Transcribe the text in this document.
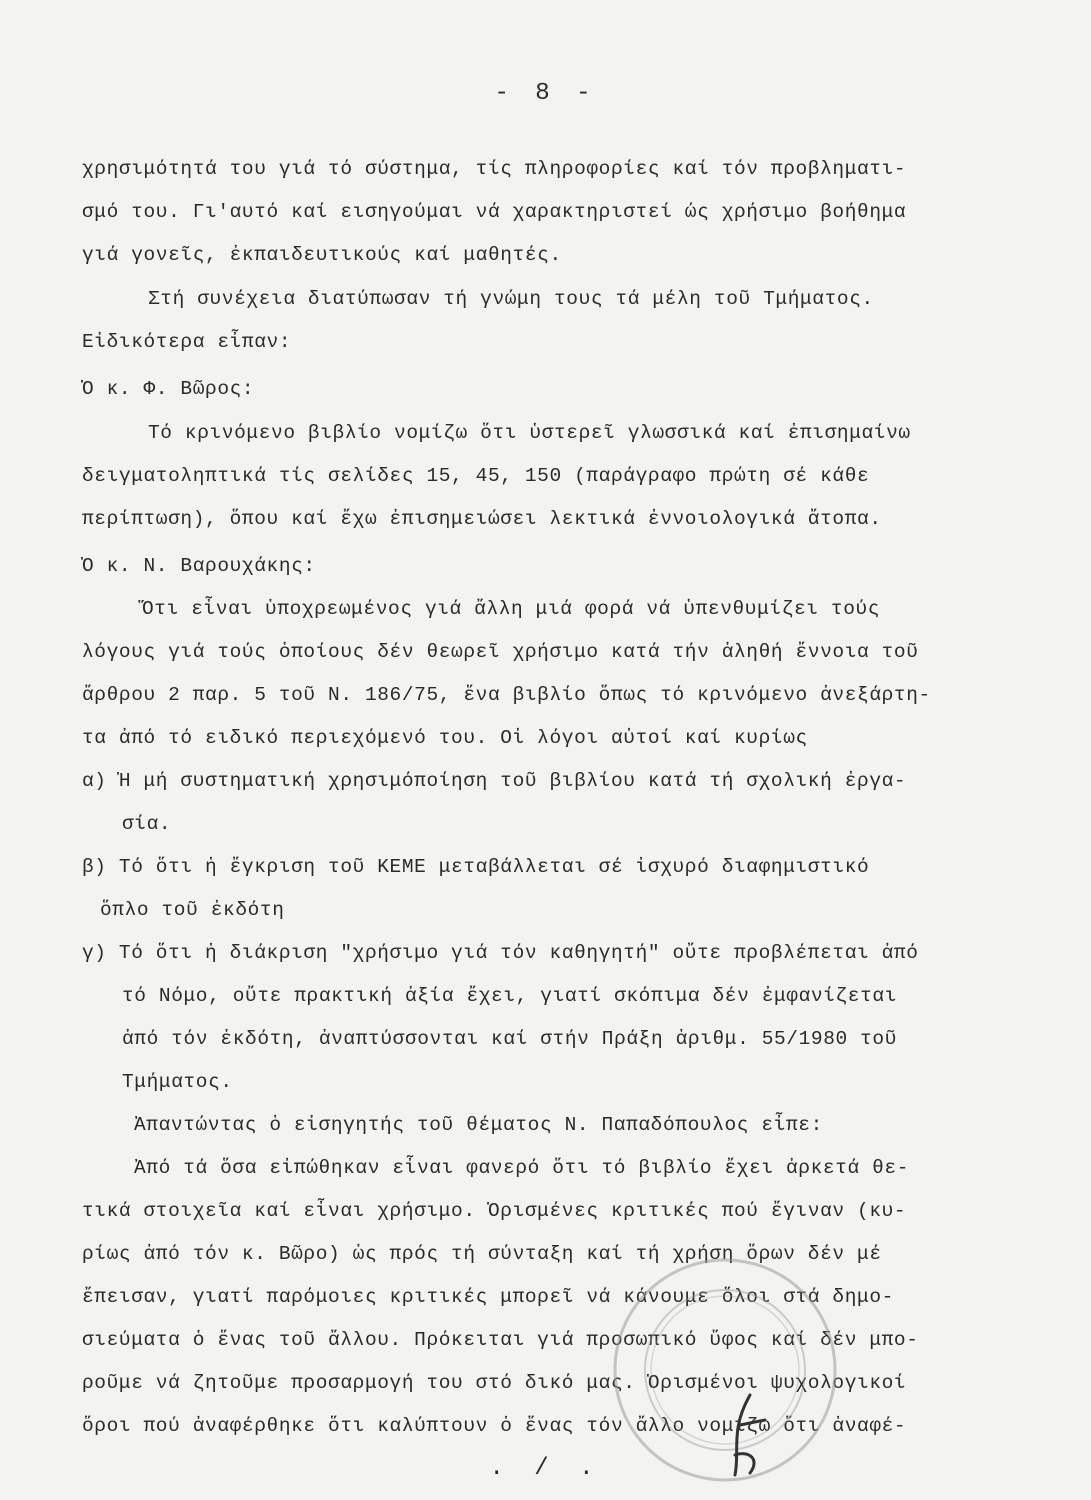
- 8 -
χρησιμότητά του γιά τό σύστημα, τίς πληροφορίες καί τόν προβληματι-
σμό του. Γι'αυτό καί εισηγούμαι νά χαρακτηριστεί ώς χρήσιμο βοήθημα
γιά γονεῖς, ἐκπαιδευτικούς καί μαθητές.
Στή συνέχεια διατύπωσαν τή γνώμη τους τά μέλη τοῦ Τμήματος.
Εἰδικότερα εἶπαν:
Ὁ κ. Φ. Βῶρος:
Τό κρινόμενο βιβλίο νομίζω ὅτι ὑστερεῖ γλωσσικά καί ἐπισημαίνω
δειγματοληπτικά τίς σελίδες 15, 45, 150 (παράγραφο πρώτη σέ κάθε
περίπτωση), ὅπου καί ἔχω ἐπισημειώσει λεκτικά ἐννοιολογικά ἄτοπα.
Ὁ κ. Ν. Βαρουχάκης:
Ὅτι εἶναι ὑποχρεωμένος γιά ἄλλη μιά φορά νά ὑπενθυμίζει τούς
λόγους γιά τούς ὁποίους δέν θεωρεῖ χρήσιμο κατά τήν ἀληθή ἔννοια τοῦ
ἄρθρου 2 παρ. 5 τοῦ Ν. 186/75, ἕνα βιβλίο ὅπως τό κρινόμενο ἀνεξάρτη-
τα ἀπό τό ειδικό περιεχόμενό του. Οἱ λόγοι αὐτοί καί κυρίως
α) Ἡ μή συστηματική χρησιμόποίηση τοῦ βιβλίου κατά τή σχολική ἐργα-
σία.
β) Τό ὅτι ἡ ἔγκριση τοῦ ΚΕΜΕ μεταβάλλεται σέ ἰσχυρό διαφημιστικό
ὅπλο τοῦ ἐκδότη
γ) Τό ὅτι ἡ διάκριση "χρήσιμο γιά τόν καθηγητή" οὔτε προβλέπεται ἀπό
τό Νόμο, οὔτε πρακτική ἀξία ἔχει, γιατί σκόπιμα δέν ἐμφανίζεται
ἀπό τόν ἐκδότη, ἀναπτύσσονται καί στήν Πράξη ἀριθμ. 55/1980 τοῦ
Τμήματος.
Ἀπαντώντας ὁ εἰσηγητής τοῦ θέματος Ν. Παπαδόπουλος εἶπε:
Ἀπό τά ὅσα εἰπώθηκαν εἶναι φανερό ὅτι τό βιβλίο ἔχει ἀρκετά θε-
τικά στοιχεῖα καί εἶναι χρήσιμο. Ὁρισμένες κριτικές πού ἔγιναν (κυ-
ρίως ἀπό τόν κ. Βῶρο) ὡς πρός τή σύνταξη καί τή χρήση ὅρων δέν μέ
ἔπεισαν, γιατί παρόμοιες κριτικές μπορεῖ νά κάνουμε ὅλοι στά δημο-
σιεύματα ὁ ἕνας τοῦ ἄλλου. Πρόκειται γιά προσωπικό ὕφος καί δέν μπο-
ροῦμε νά ζητοῦμε προσαρμογή του στό δικό μας. Ὁρισμένοι ψυχολογικοί
ὅροι πού ἀναφέρθηκε ὅτι καλύπτουν ὁ ἕνας τόν ἄλλο νομίζω ὅτι ἀναφέ-
. / .
